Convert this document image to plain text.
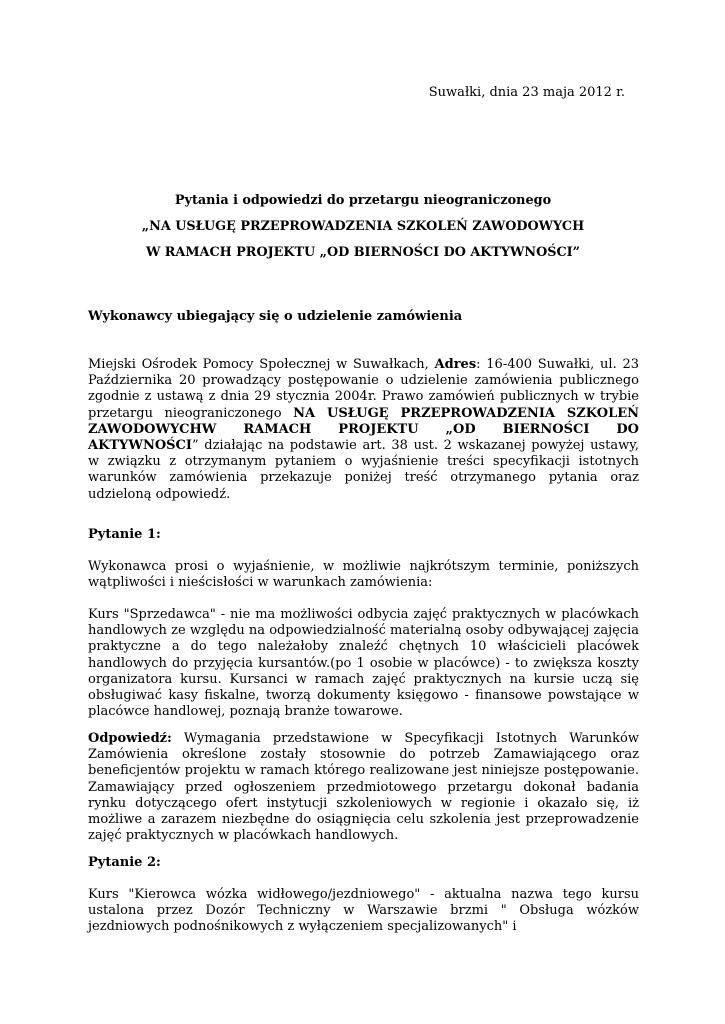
Suwałki, dnia 23 maja 2012 r.
Pytania i odpowiedzi do przetargu nieograniczonego
„NA USŁUGĘ PRZEPROWADZENIA SZKOLEŃ ZAWODOWYCH
W RAMACH PROJEKTU „OD BIERNOŚCI DO AKTYWNOŚCI”
Wykonawcy ubiegający się o udzielenie zamówienia
Miejski Ośrodek Pomocy Społecznej w Suwałkach, Adres: 16-400 Suwałki, ul. 23 Października 20 prowadzący postępowanie o udzielenie zamówienia publicznego zgodnie z ustawą z dnia 29 stycznia 2004r. Prawo zamówień publicznych w trybie przetargu nieograniczonego NA USŁUGĘ PRZEPROWADZENIA SZKOLEŃ ZAWODOWYCHW RAMACH PROJEKTU „OD BIERNOŚCI DO AKTYWNOŚCI” działając na podstawie art. 38 ust. 2 wskazanej powyżej ustawy, w związku z otrzymanym pytaniem o wyjaśnienie treści specyfikacji istotnych warunków zamówienia przekazuje poniżej treść otrzymanego pytania oraz udzieloną odpowiedź.
Pytanie 1:
Wykonawca prosi o wyjaśnienie, w możliwie najkrótszym terminie, poniższych wątpliwości i nieścisłości w warunkach zamówienia:
Kurs "Sprzedawca" - nie ma możliwości odbycia zajęć praktycznych w placówkach handlowych ze względu na odpowiedzialność materialną osoby odbywającej zajęcia praktyczne a do tego należałoby znaleźć chętnych 10 właścicieli placówek handlowych do przyjęcia kursantów.(po 1 osobie w placówce) - to zwiększa koszty organizatora kursu. Kursanci w ramach zajęć praktycznych na kursie uczą się obsługiwać kasy fiskalne, tworzą dokumenty księgowo - finansowe powstające w placówce handlowej, poznają branże towarowe.
Odpowiedź: Wymagania przedstawione w Specyfikacji Istotnych Warunków Zamówienia określone zostały stosownie do potrzeb Zamawiającego oraz beneficjentów projektu w ramach którego realizowane jest niniejsze postępowanie. Zamawiający przed ogłoszeniem przedmiotowego przetargu dokonał badania rynku dotyczącego ofert instytucji szkoleniowych w regionie i okazało się, iż możliwe a zarazem niezbędne do osiągnięcia celu szkolenia jest przeprowadzenie zajęć praktycznych w placówkach handlowych.
Pytanie 2:
Kurs "Kierowca wózka widłowego/jezdniowego" - aktualna nazwa tego kursu ustalona przez Dozór Techniczny w Warszawie brzmi " Obsługa wózków jezdniowych podnośnikowych z wyłączeniem specjalizowanych" i
